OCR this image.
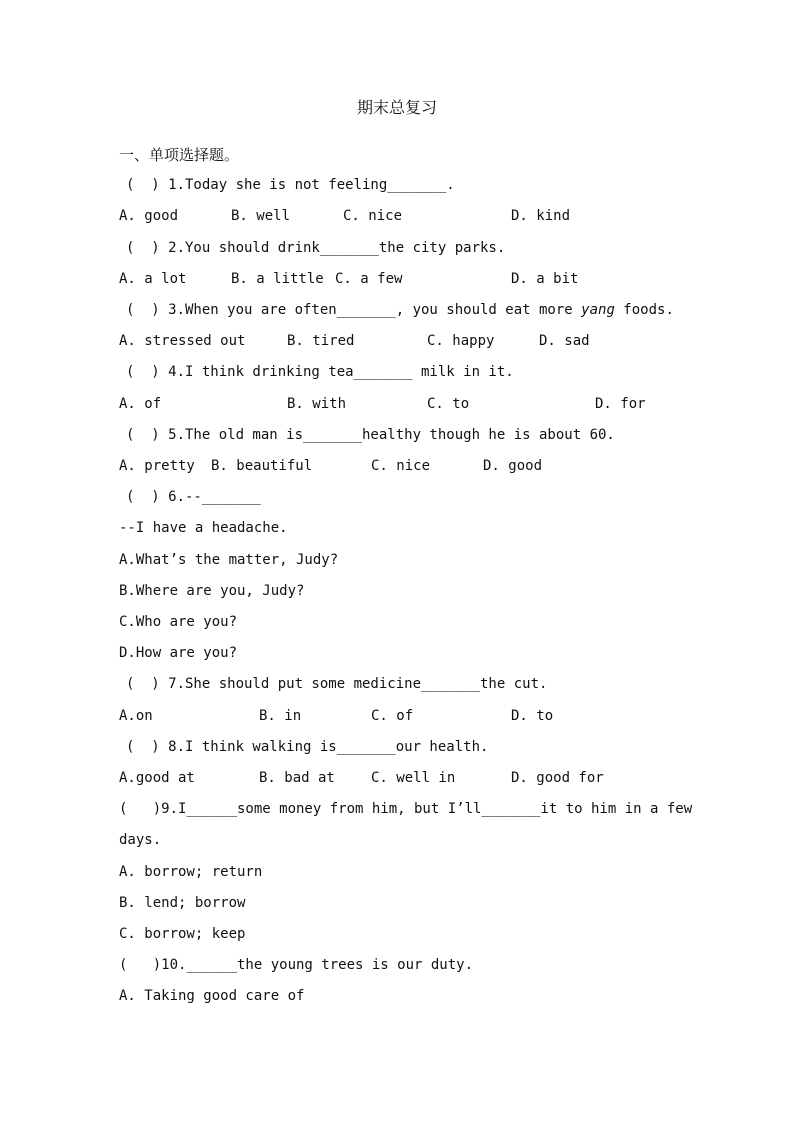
期末总复习
一、单项选择题。
(  ) 1.Today she is not feeling_______.

A. good

	B. well

	C. nice

	D. kind

(  ) 2.You should drink_______the city parks.

A. a lot

	B. a little

C. a few

	D. a bit

(  ) 3.When you are often_______, you should eat more yang foods.

A. stressed out

	B. tired

	C. happy

	D. sad

(  ) 4.I think drinking tea_______ milk in it.

A. of

	B. with

	C. to

	D. for

(  ) 5.The old man is_______healthy though he is about 60.

A. pretty

B. beautiful

	C. nice

	D. good

(  ) 6.--_______
--I have a headache.
A.What’s the matter, Judy?
B.Where are you, Judy?
C.Who are you?
D.How are you?
(  ) 7.She should put some medicine_______the cut.

A.on

	B. in

	C. of

	D. to

(  ) 8.I think walking is_______our health.

A.good at

	B. bad at

	C. well in

	D. good for

(   )9.I______some money from him, but I’ll_______it to him in a few
days.
A. borrow; return
B. lend; borrow
C. borrow; keep
(   )10.______the young trees is our duty.
A. Taking good care of
